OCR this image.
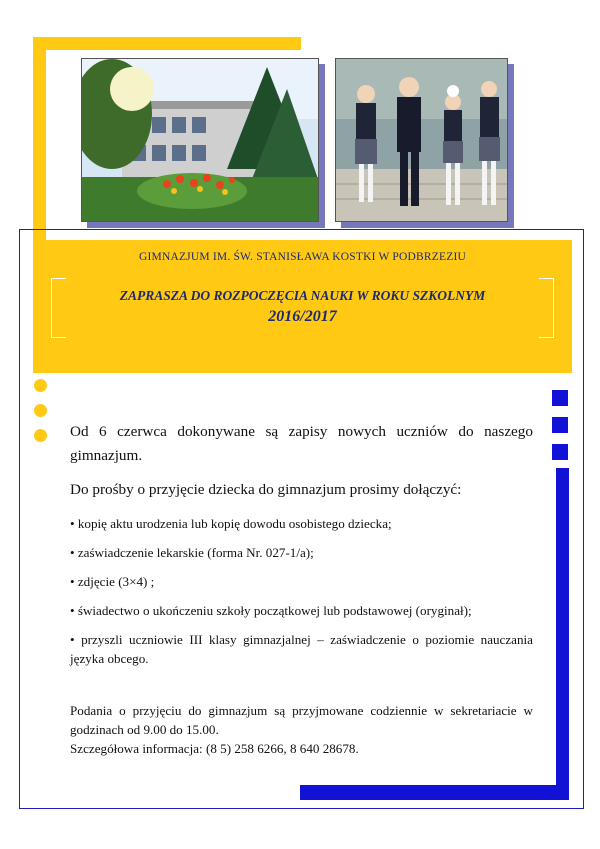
GIMNAZJUM IM. ŚW. STANISŁAWA KOSTKI W PODBRZEZIU
ZAPRASZA DO ROZPOCZĘCIA NAUKI W ROKU SZKOLNYM
2016/2017

Od 6 czerwca dokonywane są zapisy nowych uczniów do naszego gimnazjum.

Do prośby o przyjęcie dziecka do gimnazjum prosimy dołączyć:

• kopię aktu urodzenia lub kopię dowodu osobistego dziecka;

• zaświadczenie lekarskie (forma Nr. 027-1/a);

• zdjęcie (3×4) ;

• świadectwo o ukończeniu szkoły początkowej lub podstawowej (oryginał);

• przyszli uczniowie III klasy gimnazjalnej – zaświadczenie o poziomie nauczania języka obcego.

Podania o przyjęciu do gimnazjum są przyjmowane codziennie w sekretariacie w godzinach od 9.00 do 15.00.

Szczegółowa informacja: (8 5) 258 6266, 8 640 28678.
